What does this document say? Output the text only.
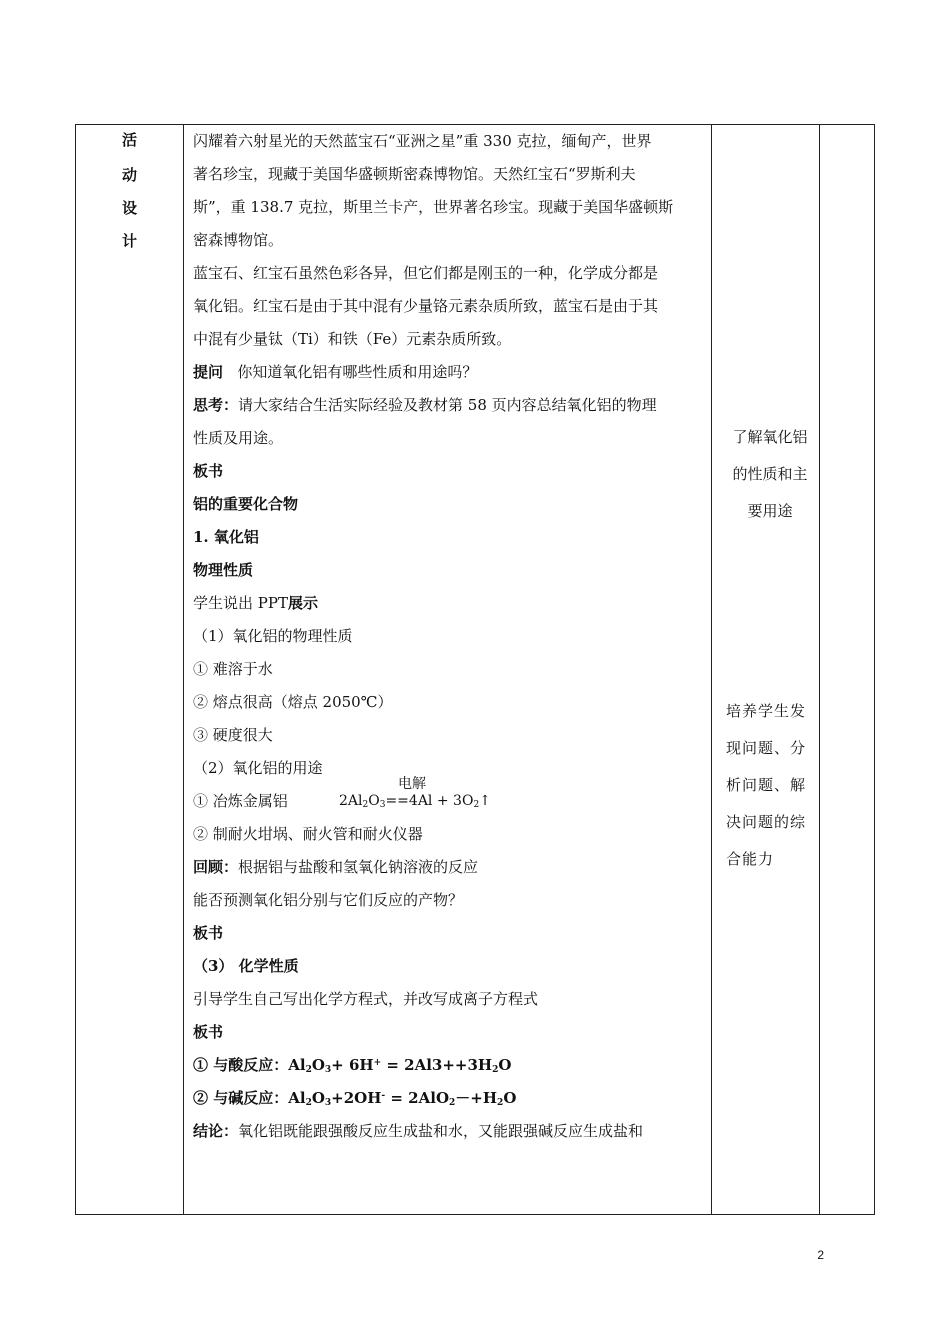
活
动
设
计
闪耀着六射星光的天然蓝宝石“亚洲之星”重 330 克拉，缅甸产，世界
著名珍宝，现藏于美国华盛顿斯密森博物馆。天然红宝石“罗斯利夫
斯”，重 138.7 克拉，斯里兰卡产，世界著名珍宝。现藏于美国华盛顿斯
密森博物馆。
蓝宝石、红宝石虽然色彩各异，但它们都是刚玉的一种，化学成分都是
氧化铝。红宝石是由于其中混有少量铬元素杂质所致，蓝宝石是由于其
中混有少量钛（Ti）和铁（Fe）元素杂质所致。
提问 你知道氧化铝有哪些性质和用途吗？
思考：请大家结合生活实际经验及教材第 58 页内容总结氧化铝的物理
性质及用途。
板书
铝的重要化合物
1. 氧化铝
物理性质
学生说出 PPT展示
（1）氧化铝的物理性质
① 难溶于水
② 熔点很高（熔点 2050℃）
③ 硬度很大
（2）氧化铝的用途
① 冶炼金属铝	$2Al_2O_3==4Al$ + $3O_2↑$
② 制耐火坩埚、耐火管和耐火仪器
回顾：根据铝与盐酸和氢氧化钠溶液的反应
能否预测氧化铝分别与它们反应的产物？
板书
（3） 化学性质
引导学生自己写出化学方程式，并改写成离子方程式
板书
① 与酸反应：$Al_2O_3+ 6H^+ = 2Al3++3H_2O$
② 与碱反应：$Al_2O_3+2OH^- = 2AlO_2-+H_2O$
结论：氧化铝既能跟强酸反应生成盐和水，又能跟强碱反应生成盐和
电解
了解氧化铝
的性质和主
要用途
培养学生发
现问题、分
析问题、解
决问题的综
合能力
2
